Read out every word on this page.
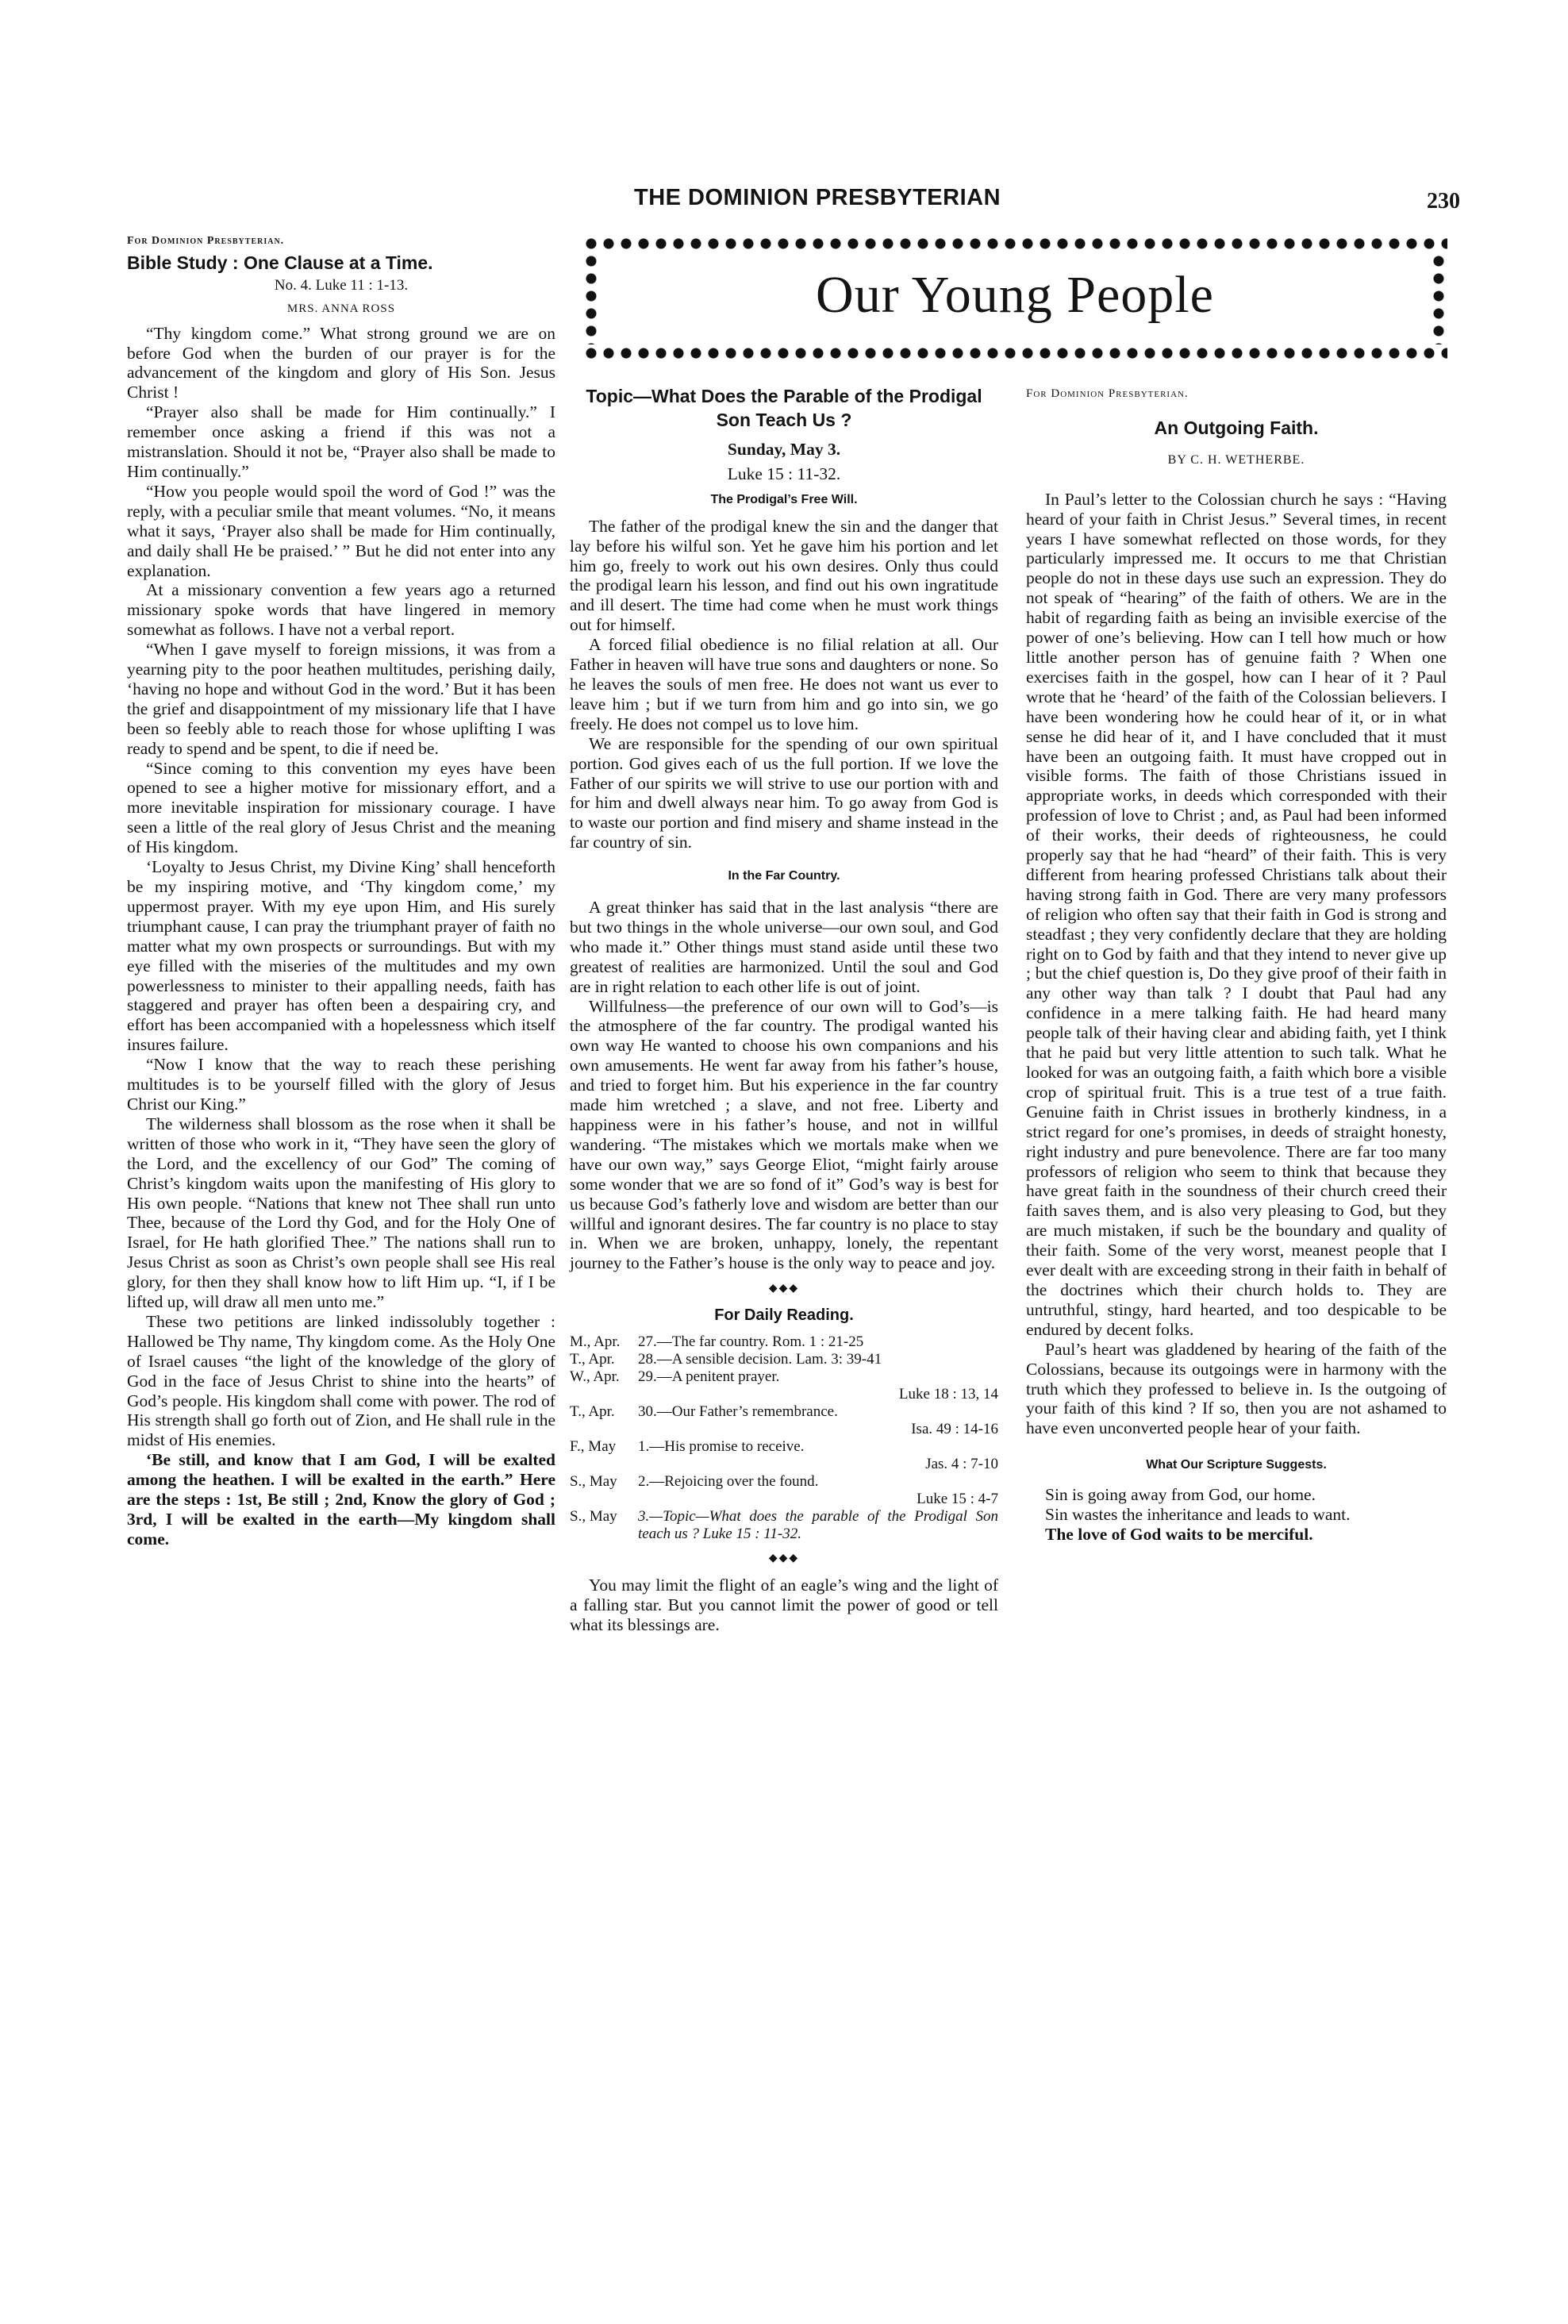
THE DOMINION PRESBYTERIAN	230
Our Young People
For Dominion Presbyterian.
Bible Study : One Clause at a Time.
No. 4. Luke 11 : 1-13.
MRS. ANNA ROSS

“Thy kingdom come.” What strong ground we are on before God when the burden of our prayer is for the advancement of the kingdom and glory of His Son. Jesus Christ !

“Prayer also shall be made for Him continually.” I remember once asking a friend if this was not a mistranslation. Should it not be, “Prayer also shall be made to Him continually.”

“How you people would spoil the word of God !” was the reply, with a peculiar smile that meant volumes. “No, it means what it says, ‘Prayer also shall be made for Him continually, and daily shall He be praised.’ ” But he did not enter into any explanation.

At a missionary convention a few years ago a returned missionary spoke words that have lingered in memory somewhat as follows. I have not a verbal report.

“When I gave myself to foreign missions, it was from a yearning pity to the poor heathen multitudes, perishing daily, ‘having no hope and without God in the word.’ But it has been the grief and disappointment of my missionary life that I have been so feebly able to reach those for whose uplifting I was ready to spend and be spent, to die if need be.

“Since coming to this convention my eyes have been opened to see a higher motive for missionary effort, and a more inevitable inspiration for missionary courage. I have seen a little of the real glory of Jesus Christ and the meaning of His kingdom.

‘Loyalty to Jesus Christ, my Divine King’ shall henceforth be my inspiring motive, and ‘Thy kingdom come,’ my uppermost prayer. With my eye upon Him, and His surely triumphant cause, I can pray the triumphant prayer of faith no matter what my own prospects or surroundings. But with my eye filled with the miseries of the multitudes and my own powerlessness to minister to their appalling needs, faith has staggered and prayer has often been a despairing cry, and effort has been accompanied with a hopelessness which itself insures failure.

“Now I know that the way to reach these perishing multitudes is to be yourself filled with the glory of Jesus Christ our King.”

The wilderness shall blossom as the rose when it shall be written of those who work in it, “They have seen the glory of the Lord, and the excellency of our God” The coming of Christ’s kingdom waits upon the manifesting of His glory to His own people. “Nations that knew not Thee shall run unto Thee, because of the Lord thy God, and for the Holy One of Israel, for He hath glorified Thee.” The nations shall run to Jesus Christ as soon as Christ’s own people shall see His real glory, for then they shall know how to lift Him up. “I, if I be lifted up, will draw all men unto me.”

These two petitions are linked indissolubly together : Hallowed be Thy name, Thy kingdom come. As the Holy One of Israel causes “the light of the knowledge of the glory of God in the face of Jesus Christ to shine into the hearts” of God’s people. His kingdom shall come with power. The rod of His strength shall go forth out of Zion, and He shall rule in the midst of His enemies.

‘Be still, and know that I am God, I will be exalted among the heathen. I will be exalted in the earth.” Here are the steps : 1st, Be still ; 2nd, Know the glory of God ; 3rd, I will be exalted in the earth—My kingdom shall come.

Topic—What Does the Parable of the Prodigal Son Teach Us ?
Sunday, May 3.
Luke 15 : 11-32.
The Prodigal’s Free Will.

The father of the prodigal knew the sin and the danger that lay before his wilful son. Yet he gave him his portion and let him go, freely to work out his own desires. Only thus could the prodigal learn his lesson, and find out his own ingratitude and ill desert. The time had come when he must work things out for himself.

A forced filial obedience is no filial relation at all. Our Father in heaven will have true sons and daughters or none. So he leaves the souls of men free. He does not want us ever to leave him ; but if we turn from him and go into sin, we go freely. He does not compel us to love him.

We are responsible for the spending of our own spiritual portion. God gives each of us the full portion. If we love the Father of our spirits we will strive to use our portion with and for him and dwell always near him. To go away from God is to waste our portion and find misery and shame instead in the far country of sin.

In the Far Country.

A great thinker has said that in the last analysis “there are but two things in the whole universe—our own soul, and God who made it.” Other things must stand aside until these two greatest of realities are harmonized. Until the soul and God are in right relation to each other life is out of joint.

Willfulness—the preference of our own will to God’s—is the atmosphere of the far country. The prodigal wanted his own way He wanted to choose his own companions and his own amusements. He went far away from his father’s house, and tried to forget him. But his experience in the far country made him wretched ; a slave, and not free. Liberty and happiness were in his father’s house, and not in willful wandering. “The mistakes which we mortals make when we have our own way,” says George Eliot, “might fairly arouse some wonder that we are so fond of it” God’s way is best for us because God’s fatherly love and wisdom are better than our willful and ignorant desires. The far country is no place to stay in. When we are broken, unhappy, lonely, the repentant journey to the Father’s house is the only way to peace and joy.

◆◆◆
For Daily Reading.
M., Apr.	27.—The far country. Rom. 1 : 21-25
T., Apr.	28.—A sensible decision. Lam. 3: 39-41
W., Apr.	29.—A penitent prayer.
Luke 18 : 13, 14
T., Apr.	30.—Our Father’s remembrance.
Isa. 49 : 14-16
F., May	1.—His promise to receive.
Jas. 4 : 7-10
S., May	2.—Rejoicing over the found.
Luke 15 : 4-7
S., May	3.—Topic—What does the parable of the Prodigal Son teach us ? Luke 15 : 11-32.
◆◆◆

You may limit the flight of an eagle’s wing and the light of a falling star. But you cannot limit the power of good or tell what its blessings are.

For Dominion Presbyterian.
An Outgoing Faith.
BY C. H. WETHERBE.

In Paul’s letter to the Colossian church he says : “Having heard of your faith in Christ Jesus.” Several times, in recent years I have somewhat reflected on those words, for they particularly impressed me. It occurs to me that Christian people do not in these days use such an expression. They do not speak of “hearing” of the faith of others. We are in the habit of regarding faith as being an invisible exercise of the power of one’s believing. How can I tell how much or how little another person has of genuine faith ? When one exercises faith in the gospel, how can I hear of it ? Paul wrote that he ‘heard’ of the faith of the Colossian believers. I have been wondering how he could hear of it, or in what sense he did hear of it, and I have concluded that it must have been an outgoing faith. It must have cropped out in visible forms. The faith of those Christians issued in appropriate works, in deeds which corresponded with their profession of love to Christ ; and, as Paul had been informed of their works, their deeds of righteousness, he could properly say that he had “heard” of their faith. This is very different from hearing professed Christians talk about their having strong faith in God. There are very many professors of religion who often say that their faith in God is strong and steadfast ; they very confidently declare that they are holding right on to God by faith and that they intend to never give up ; but the chief question is, Do they give proof of their faith in any other way than talk ? I doubt that Paul had any confidence in a mere talking faith. He had heard many people talk of their having clear and abiding faith, yet I think that he paid but very little attention to such talk. What he looked for was an outgoing faith, a faith which bore a visible crop of spiritual fruit. This is a true test of a true faith. Genuine faith in Christ issues in brotherly kindness, in a strict regard for one’s promises, in deeds of straight honesty, right industry and pure benevolence. There are far too many professors of religion who seem to think that because they have great faith in the soundness of their church creed their faith saves them, and is also very pleasing to God, but they are much mistaken, if such be the boundary and quality of their faith. Some of the very worst, meanest people that I ever dealt with are exceeding strong in their faith in behalf of the doctrines which their church holds to. They are untruthful, stingy, hard hearted, and too despicable to be endured by decent folks.

Paul’s heart was gladdened by hearing of the faith of the Colossians, because its outgoings were in harmony with the truth which they professed to believe in. Is the outgoing of your faith of this kind ? If so, then you are not ashamed to have even unconverted people hear of your faith.

What Our Scripture Suggests.

Sin is going away from God, our home.

Sin wastes the inheritance and leads to want.

The love of God waits to be merciful.
